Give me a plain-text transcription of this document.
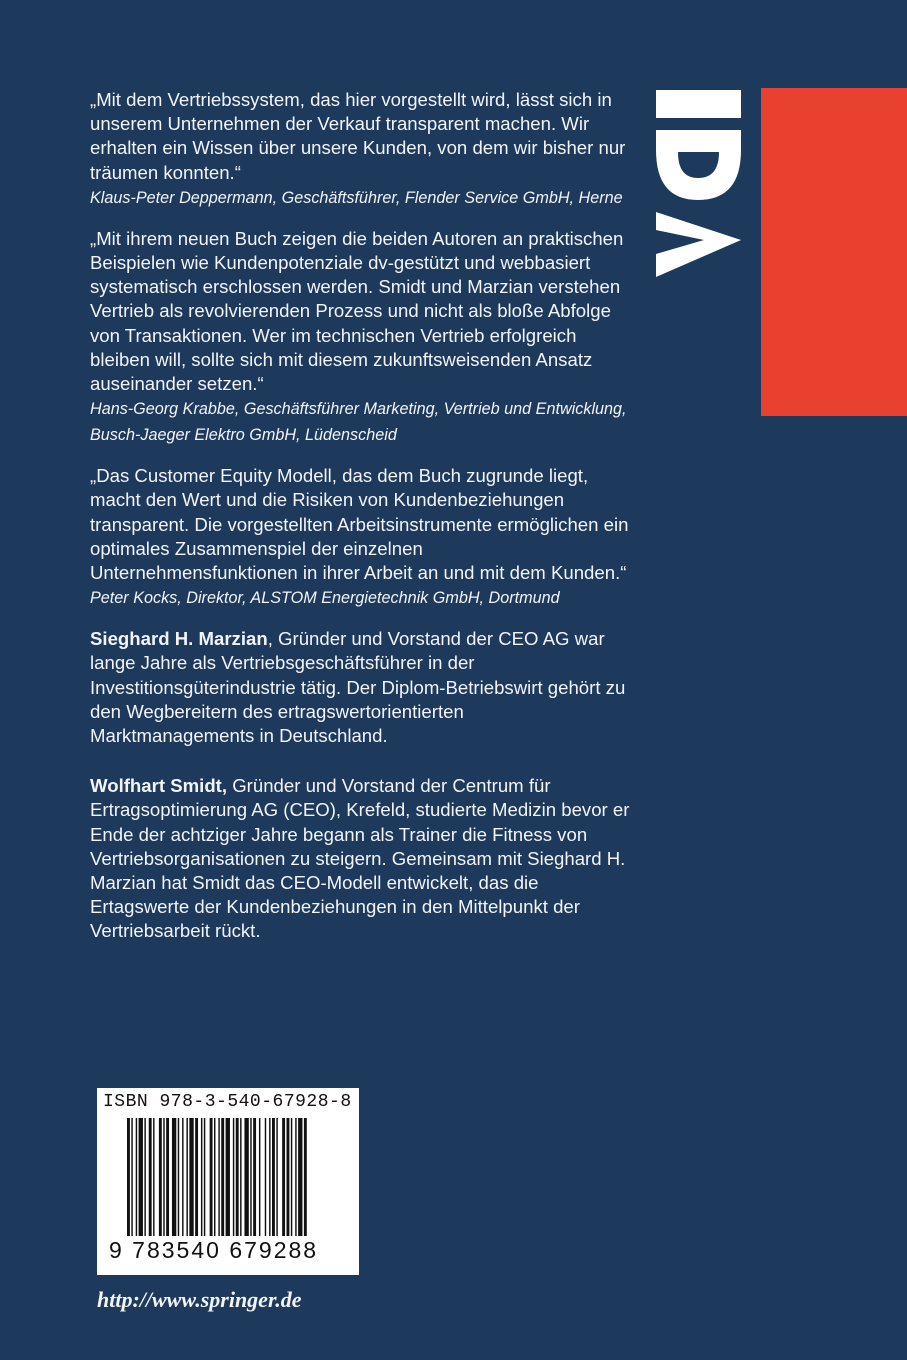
„Mit dem Vertriebssystem, das hier vorgestellt wird, lässt sich in unserem Unternehmen der Verkauf transparent machen. Wir erhalten ein Wissen über unsere Kunden, von dem wir bisher nur träumen konnten.“

Klaus-Peter Deppermann, Geschäftsführer, Flender Service GmbH, Herne

„Mit ihrem neuen Buch zeigen die beiden Autoren an praktischen Beispielen wie Kundenpotenziale dv-gestützt und webbasiert systematisch erschlossen werden. Smidt und Marzian verstehen Vertrieb als revolvierenden Prozess und nicht als bloße Abfolge von Transaktionen. Wer im technischen Vertrieb erfolgreich bleiben will, sollte sich mit diesem zukunftsweisenden Ansatz auseinander setzen.“

Hans-Georg Krabbe, Geschäftsführer Marketing, Vertrieb und Entwicklung, Busch-Jaeger Elektro GmbH, Lüdenscheid

„Das Customer Equity Modell, das dem Buch zugrunde liegt, macht den Wert und die Risiken von Kundenbeziehungen transparent. Die vorgestellten Arbeitsinstrumente ermöglichen ein optimales Zusammenspiel der einzelnen Unternehmensfunktionen in ihrer Arbeit an und mit dem Kunden.“

Peter Kocks, Direktor, ALSTOM Energietechnik GmbH, Dortmund

Sieghard H. Marzian, Gründer und Vorstand der CEO AG war lange Jahre als Vertriebsgeschäftsführer in der Investitionsgüterindustrie tätig. Der Diplom-Betriebswirt gehört zu den Wegbereitern des ertragswertorientierten Marktmanagements in Deutschland.

Wolfhart Smidt, Gründer und Vorstand der Centrum für Ertragsoptimierung AG (CEO), Krefeld, studierte Medizin bevor er Ende der achtziger Jahre begann als Trainer die Fitness von Vertriebsorganisationen zu steigern. Gemeinsam mit Sieghard H. Marzian hat Smidt das CEO-Modell entwickelt, das die Ertagswerte der Kundenbeziehungen in den Mittelpunkt der Vertriebsarbeit rückt.

ISBN 978-3-540-67928-8
9 783540 679288
http://www.springer.de
